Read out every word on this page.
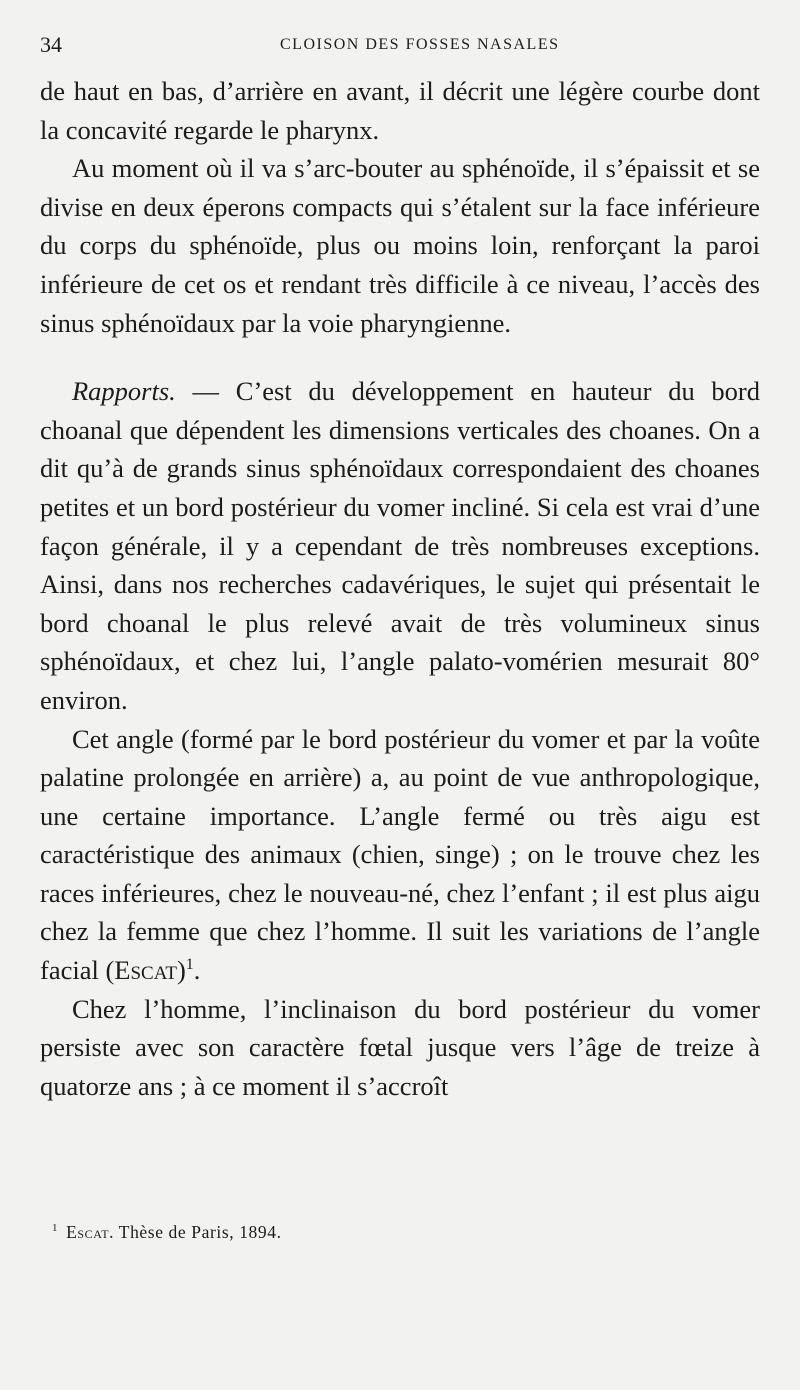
34	CLOISON DES FOSSES NASALES

de haut en bas, d’arrière en avant, il décrit une légère courbe dont la concavité regarde le pharynx.

Au moment où il va s’arc-bouter au sphénoïde, il s’épaissit et se divise en deux éperons compacts qui s’étalent sur la face inférieure du corps du sphénoïde, plus ou moins loin, renforçant la paroi inférieure de cet os et rendant très difficile à ce niveau, l’accès des sinus sphénoïdaux par la voie pharyngienne.

Rapports. — C’est du développement en hauteur du bord choanal que dépendent les dimensions verticales des choanes. On a dit qu’à de grands sinus sphénoïdaux correspondaient des choanes petites et un bord postérieur du vomer incliné. Si cela est vrai d’une façon générale, il y a cependant de très nombreuses exceptions. Ainsi, dans nos recherches cadavériques, le sujet qui présentait le bord choanal le plus relevé avait de très volumineux sinus sphénoïdaux, et chez lui, l’angle palato-vomérien mesurait 80° environ.

Cet angle (formé par le bord postérieur du vomer et par la voûte palatine prolongée en arrière) a, au point de vue anthropologique, une certaine importance. L’angle fermé ou très aigu est caractéristique des animaux (chien, singe) ; on le trouve chez les races inférieures, chez le nouveau-né, chez l’enfant ; il est plus aigu chez la femme que chez l’homme. Il suit les variations de l’angle facial (Escat)$^1$.

Chez l’homme, l’inclinaison du bord postérieur du vomer persiste avec son caractère fœtal jusque vers l’âge de treize à quatorze ans ; à ce moment il s’accroît

$^1$ Escat. Thèse de Paris, 1894.
